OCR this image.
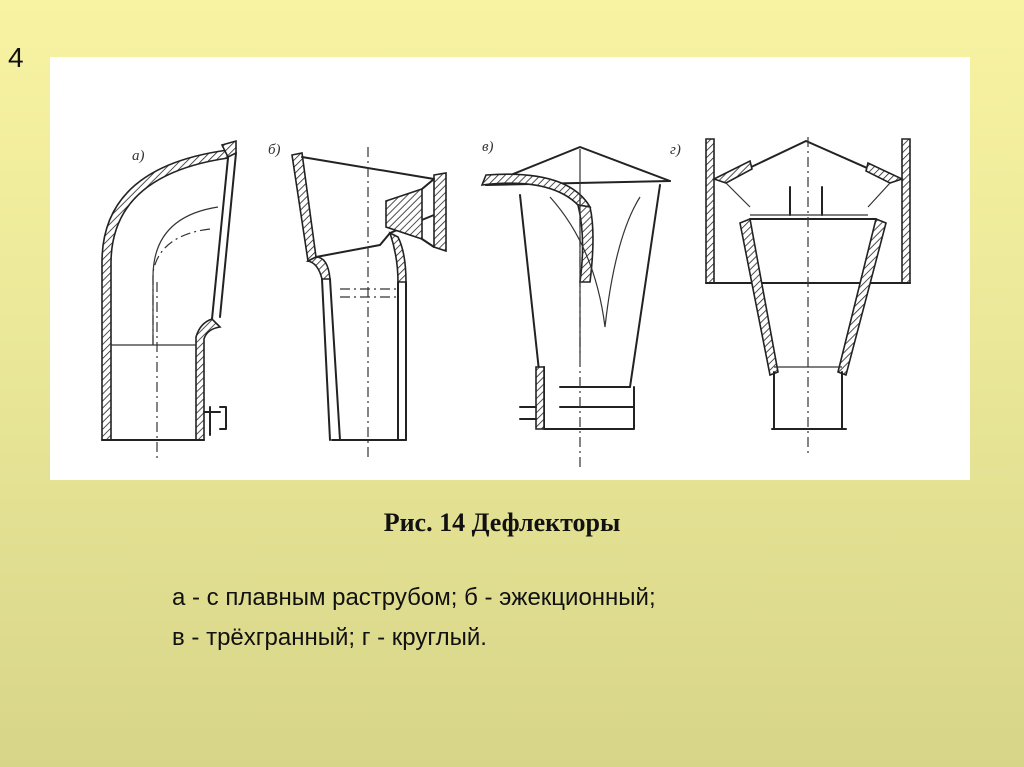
4
а)	б)	в)	г)
Рис. 14 Дефлекторы
а - с плавным раструбом; б - эжекционный;
в - трёхгранный; г - круглый.
